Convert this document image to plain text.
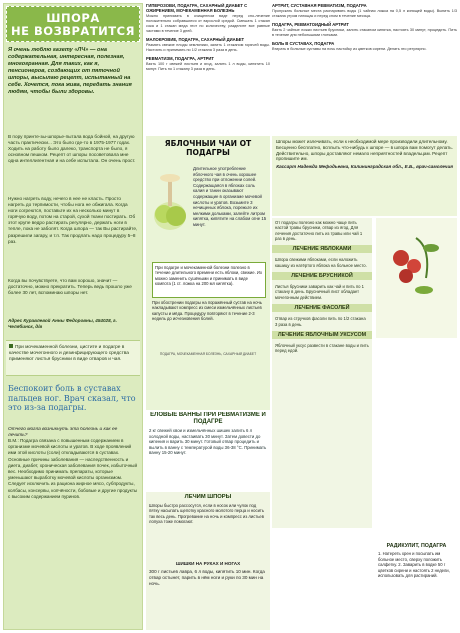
ШПОРА
НЕ ВОЗВРАТИТСЯ
Я очень люблю газету «ЛЧ» — она содержательная, интересная, полезная, многогранная. Для таких, как я, пенсионеров, создающих от пяточной шпоры, высылаю рецепт, испытанный на себе. Хочется, пока жива, передать знания людям, чтобы были здоровы.
В пору принте-зы-шпорье-пытала вода бойной, на другую часть практически... Это было где-то в 1975-1977 годах. Ходить на работу было далеко, транспорта не было, я основном пешком. Рецепт от шпоры посоветовала мне одна интеллигентная и на себе испытала. Он очень прост.
Нужно нагреть воду, нечего в нее не класть. Просто нагреть до терпимости, чтобы нога не обжигала. Когда ноги согреются, поставьте их на несколько минут в горячую воду, потом на старой, сухой ткани постирать. Об этот крупе ведро растирать регулярно, держать ноги в тепле, пока не заболят. Когда шпора — так Вы растирайте, разрешили загару, и т.п. Так продлать надо процедуру 5–8 раз.
Когда вы почувствуете, что вам хорошо, значит — достаточно, можно прекратить. Теперь ведь прошло уже более 30 лет, вспоминаю шпоры нет.
Адрес Куравлевой Анны Федоровны, 454028, г. Челябинск, д/в
При мочекаменной болезни, цистите и подагре в качестве мочегонного и дезинфицирующего средства применяют листья брусники в виде отваров и чая.
Беспокоит боль в суставах пальцев ног. Врач сказал, что это из-за подагры.
Отчего могла возникнуть эта болезнь и как ее лечить?

В.М.: Подагра связана с повышенным содержанием в организме мочевой кислоты и уратов. В ходе проявлений ими этой кислоты (соли) откладываются в суставах. Основные причины заболевания — наследственность и диета, диабет, хроническая заболевания почек, избыточный вес. Необходимо принимать препараты, которые уменьшают выработку мочевой кислоты организмом. Следует исключить из рациона жирное мясо, субпродукты, колбасы, консервы, копчёности, бобовые и другие продукты с высоким содержанием пуринов.
ГИПЕРОЗОВИ, ПОДАГРА, САХАРНЫЙ ДИАБЕТ С ОЖИРЕНИЕМ, МОЧЕКАМЕННАЯ БОЛЕЗНЬ
Можно принимать в очищенном виде перед сно-лечение положительно собравшиеся от взрослой средой. Смешать 1 стакан сока и 1 стакан меда этот по количеству, разделите все равные частями в течение 3 дней.
МАЛОКРОВИЕ, ПОДАГРА, САХАРНЫЙ ДИАБЕТ
Размять свежие плоды земляники, залить 1 стаканом горячей воды. Настоять и принимать по 1/2 стакана 3 раза в день.
РЕВМАТИЗМ, ПОДАГРА, АРТРИТ
Взять 100 г свежей листьев и ягод, залить 1 л воды, кипятить 10 минут. Пить по 1 стакану 3 раза в день.
АРТРИТ, СУСТАВНАЯ РЕВМАТИЗМ, ПОДАГРА
Пропускать больные места распаривать воды (1 чайная ложка на 0,5 л кипящей воды). Выпить 1/3 стакана утром натощак и перед сном в течение месяца.
ПОДАГРА, РЕВМАТОИДНЫЙ АРТРИТ
Взять 2 чайные ложки листьев брусники, залить стаканом кипятка, настоять 30 минут, процедить. Пить в течение дня небольшими глотками.
БОЛЬ В СУСТАВАХ, ПОДАГРА
Втирать в больные суставы на ночь настойку из цветков сирени. Делать это регулярно.
ЯБЛОЧНЫЙ ЧАЙ ОТ ПОДАГРЫ
Длительное употребление яблочного чая в очень хорошее средство при отложении солей. Содержащаяся в яблоках соль калия и танин оказывают содержащие в организме мочевой кислоты и уратов. Возьмите 3 нечищеных яблока, порежьте их мелкими дольками, залейте литром кипятка, кипятите на слабом огне 15 минут.
При подагре и мочекаменной болезни полезно в течение длительного времени есть яблоки, свежие. Их можно заменить сушёными и принимать в виде компота (1 ст. ложка на 200 мл кипятка).
При обострении подагры на поражённый сустав на ночь накладывают компресс из смеси измельчённых листьев капусты и мёда. Процедуру повторяют в течение 2-3 недель до исчезновения болей.
ПОДАГРА, МОЧЕКАМЕННАЯ БОЛЕЗНЬ, САХАРНЫЙ ДИАБЕТ
Шпоры может излечивать, если к необходимой мере производили длительному. Бесценно бесплатно, всплыть что-нибудь к шпоре — в шпора вам помогут делать. Действительно, шпоры доставляют немало неприятностей владельцам. Рецепт пропишите им.
Кассарт Надежда Мефодьевна, Калининградская обл., Е.Б., врач-самолечия
ЕЛОВЫЕ ВАННЫ ПРИ РЕВМАТИЗМЕ И ПОДАГРЕ
2 кг свежей хвои и измельчённых шишек залить 6 л холодной воды, настаивать 30 минут. Затем довести до кипения и варить 30 минут. Готовый отвар процедить и вылить в ванну с температурой воды 36-38 °C. Принимать ванну 15-20 минут.
От подагры полезно как можно чаще пить настой травы брусники, отвар из ягод. Для лечения достаточно пить из травы или чай 1 раз в день.
ЛЕЧЕНИЕ ЯБЛОКАМИ
Шпора свежими яблоками, если наложить кашицу из натёртого яблока на больное место.
ЛЕЧЕНИЕ БРУСНИКОЙ
Листья брусники заварить как чай и пить по 1 стакану в день. Брусничный лист обладает мочегонным действием.
ЛЕЧЕНИЕ ФАСОЛЕЙ
Отвар из стручков фасоли пить по 1/2 стакана 3 раза в день.
ЛЕЧЕНИЕ ЯБЛОЧНЫМ УКСУСОМ
Яблочный уксус развести в стакане воды и пить перед едой.
РАДИКУЛИТ, ПОДАГРА
1. Натереть хрен и посыпать им больное место, сверху положить салфетку. 2. Заварить в водке 50 г цветков сирени и настоять 2 недели, использовать для растираний.
ЛЕЧИМ ШПОРЫ
Шпоры быстро рассосутся, если в носок или чулок под пятку насыпать щепотку красного молотого перца и носить так весь день. Прогревание на ночь и компресс из листьев лопуха тоже помогают.
ШИШКИ НА РУКАХ И НОГАХ
300 г листьев лавра, 6 л воды, кипятить 10 мин. Когда отвар остынет, парить в нём ноги и руки по 30 мин на ночь.
